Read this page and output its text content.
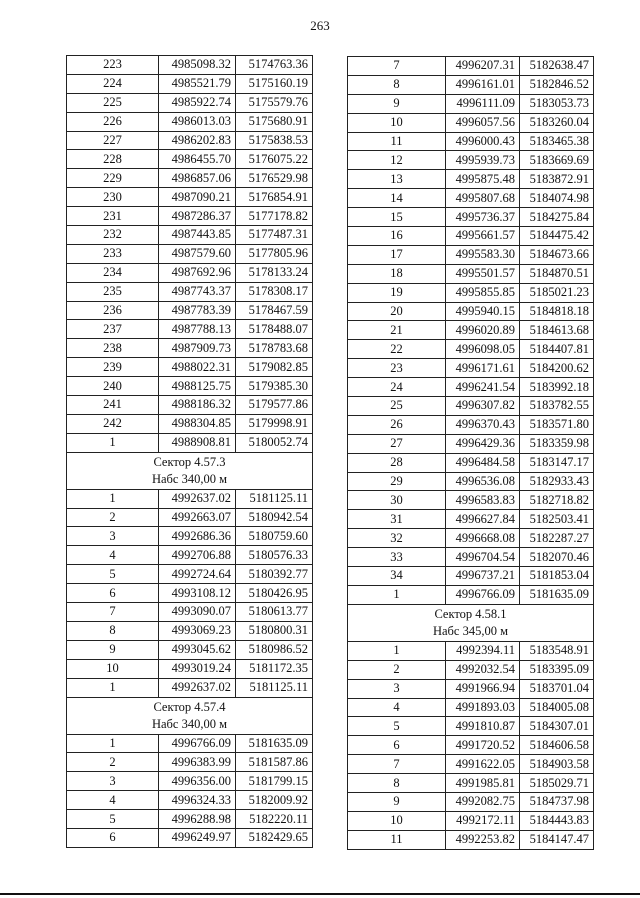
263
223	4985098.32	5174763.36
224	4985521.79	5175160.19
225	4985922.74	5175579.76
226	4986013.03	5175680.91
227	4986202.83	5175838.53
228	4986455.70	5176075.22
229	4986857.06	5176529.98
230	4987090.21	5176854.91
231	4987286.37	5177178.82
232	4987443.85	5177487.31
233	4987579.60	5177805.96
234	4987692.96	5178133.24
235	4987743.37	5178308.17
236	4987783.39	5178467.59
237	4987788.13	5178488.07
238	4987909.73	5178783.68
239	4988022.31	5179082.85
240	4988125.75	5179385.30
241	4988186.32	5179577.86
242	4988304.85	5179998.91
1	4988908.81	5180052.74

Сектор 4.57.3
Набс 340,00 м		

1	4992637.02	5181125.11
2	4992663.07	5180942.54
3	4992686.36	5180759.60
4	4992706.88	5180576.33
5	4992724.64	5180392.77
6	4993108.12	5180426.95
7	4993090.07	5180613.77
8	4993069.23	5180800.31
9	4993045.62	5180986.52
10	4993019.24	5181172.35
1	4992637.02	5181125.11

Сектор 4.57.4
Набс 340,00 м		

1	4996766.09	5181635.09
2	4996383.99	5181587.86
3	4996356.00	5181799.15
4	4996324.33	5182009.92
5	4996288.98	5182220.11
6	4996249.97	5182429.65
7	4996207.31	5182638.47
8	4996161.01	5182846.52
9	4996111.09	5183053.73
10	4996057.56	5183260.04
11	4996000.43	5183465.38
12	4995939.73	5183669.69
13	4995875.48	5183872.91
14	4995807.68	5184074.98
15	4995736.37	5184275.84
16	4995661.57	5184475.42
17	4995583.30	5184673.66
18	4995501.57	5184870.51
19	4995855.85	5185021.23
20	4995940.15	5184818.18
21	4996020.89	5184613.68
22	4996098.05	5184407.81
23	4996171.61	5184200.62
24	4996241.54	5183992.18
25	4996307.82	5183782.55
26	4996370.43	5183571.80
27	4996429.36	5183359.98
28	4996484.58	5183147.17
29	4996536.08	5182933.43
30	4996583.83	5182718.82
31	4996627.84	5182503.41
32	4996668.08	5182287.27
33	4996704.54	5182070.46
34	4996737.21	5181853.04
1	4996766.09	5181635.09

Сектор 4.58.1
Набс 345,00 м		

1	4992394.11	5183548.91
2	4992032.54	5183395.09
3	4991966.94	5183701.04
4	4991893.03	5184005.08
5	4991810.87	5184307.01
6	4991720.52	5184606.58
7	4991622.05	5184903.58
8	4991985.81	5185029.71
9	4992082.75	5184737.98
10	4992172.11	5184443.83
11	4992253.82	5184147.47
